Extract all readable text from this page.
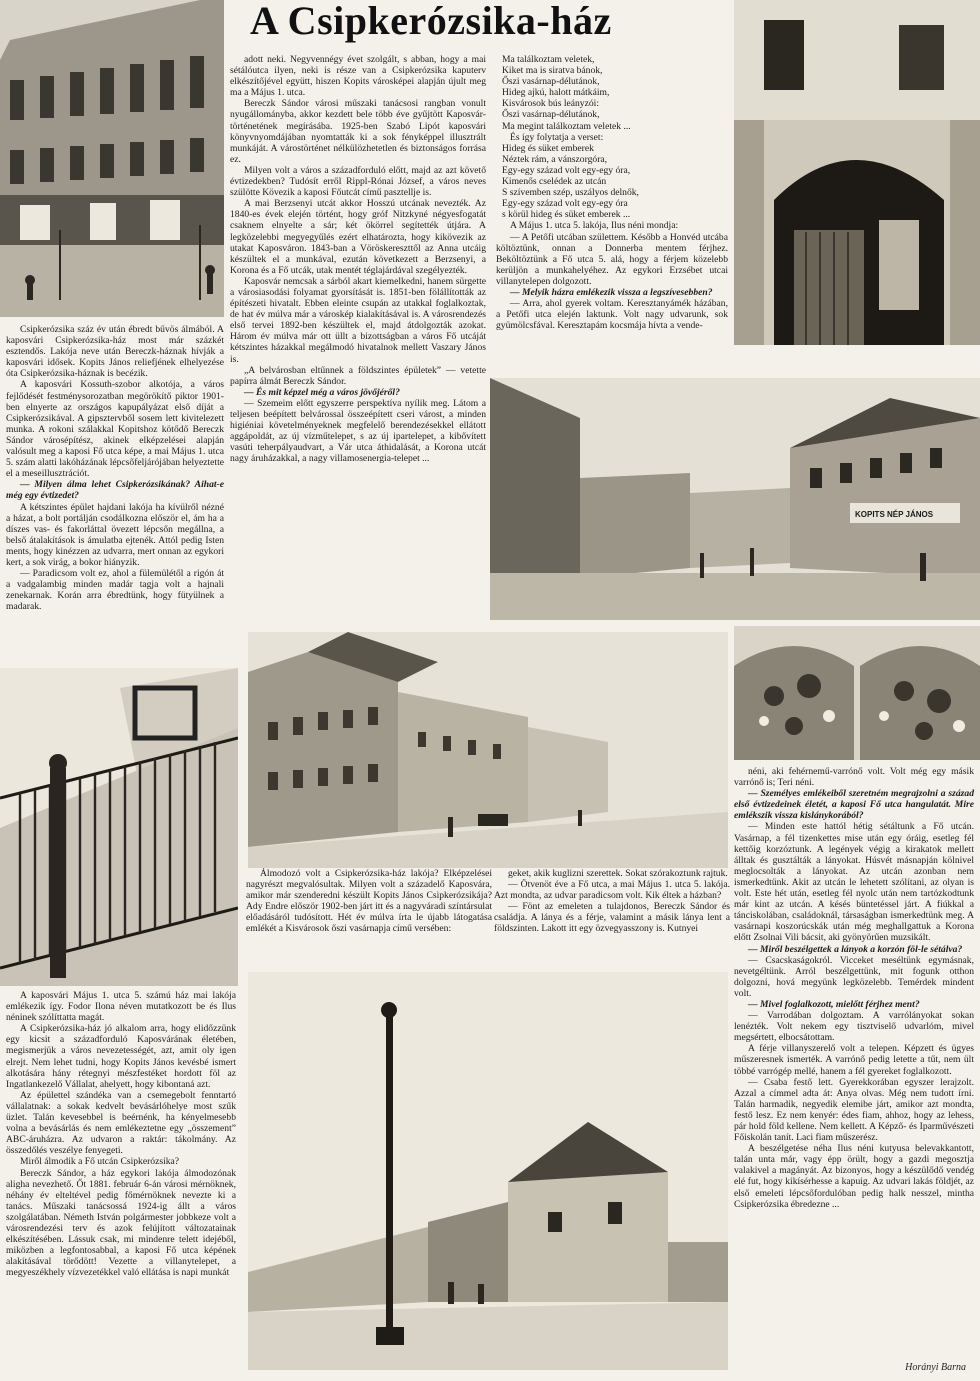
A Csipkerózsika-ház

Csipkerózsika száz év után ébredt bűvös álmából. A kaposvári Csipkerózsika-ház most már százkét esztendős. Lakója neve után Bereczk-háznak hívják a kaposvári idősek. Kopits János reliefjének elhelyezése óta Csipkerózsika-háznak is becézik.

A kaposvári Kossuth-szobor alkotója, a város fejlődését festménysorozatban megörökítő piktor 1901-ben elnyerte az országos kapupályázat első díját a Csipkerózsikával. A gipsztervből sosem lett kivitelezett munka. A rokoni szálakkal Kopitshoz kötődő Bereczk Sándor városépítész, akinek elképzelései alapján valósult meg a kaposi Fő utca képe, a mai Május 1. utca 5. szám alatti lakóházának lépcsőfeljárójában helyeztette el a meseillusztrációt.

— Milyen álma lehet Csipkerózsikának? Aihat-e még egy évtizedet?

A kétszintes épület hajdani lakója ha kívülről nézné a házat, a bolt portálján csodálkozna először el, ám ha a díszes vas- és fakorláttal övezett lépcsőn megállna, a belső átalakítások is ámulatba ejtenék. Attól pedig Isten ments, hogy kinézzen az udvarra, mert onnan az egykori kert, a sok virág, a bokor hiányzik.

— Paradicsom volt ez, ahol a fülemülétől a rigón át a vadgalambig minden madár tagja volt a hajnali zenekarnak. Korán arra ébredtünk, hogy fütyülnek a madarak.

A kaposvári Május 1. utca 5. számú ház mai lakója emlékezik így. Fodor Ilona néven mutatkozott be és Ilus néninek szólíttatta magát.

A Csipkerózsika-ház jó alkalom arra, hogy elidőzzünk egy kicsit a századforduló Kaposvárának életében, megismerjük a város nevezetességét, azt, amit oly igen elrejt. Nem lehet tudni, hogy Kopits János kevésbé ismert alkotására hány rétegnyi mészfestéket hordott föl az Ingatlankezelő Vállalat, ahelyett, hogy kibontaná azt.

Az épülettel szándéka van a csemegebolt fenntartó vállalatnak: a sokak kedvelt bevásárlóhelye most szűk üzlet. Talán kevesebbel is beérnénk, ha kényelmesebb volna a bevásárlás és nem emlékeztetne egy „összement” ABC-áruházra. Az udvaron a raktár: tákolmány. Az összedőlés veszélye fenyegeti.

Miről álmodik a Fő utcán Csipkerózsika?

Bereczk Sándor, a ház egykori lakója álmodozónak aligha nevezhető. Őt 1881. február 6-án városi mérnöknek, néhány év elteltével pedig főmérnöknek nevezte ki a tanács. Műszaki tanácsossá 1924-ig állt a város szolgálatában. Németh István polgármester jobbkeze volt a városrendezési terv és azok felújított változatainak elkészítésében. Lássuk csak, mi mindenre telett idejéből, miközben a legfontosabbal, a kaposi Fő utca képének alakításával törődött! Vezette a villanytelepet, a megyeszékhely vízvezetékkel való ellátása is napi munkát

adott neki. Negyvennégy évet szolgált, s abban, hogy a mai sétálóutca ilyen, neki is része van a Csipkerózsika kaputerv elkészítőjével együtt, hiszen Kopits városképei alapján újult meg ma a Május 1. utca.

Bereczk Sándor városi műszaki tanácsosi rangban vonult nyugállományba, akkor kezdett bele több éve gyűjtött Kaposvár-történetének megírásába. 1925-ben Szabó Lipót kaposvári könyvnyomdájában nyomtatták ki a sok fényképpel illusztrált munkáját. A várostörténet nélkülözhetetlen és biztonságos forrása ez.

Milyen volt a város a századforduló előtt, majd az azt követő évtizedekben? Tudósít erről Rippl-Rónai József, a város neves szülötte Kövezik a kaposi Főutcát című pasztellje is.

A mai Berzsenyi utcát akkor Hosszú utcának nevezték. Az 1840-es évek elején történt, hogy gróf Nitzkyné négyesfogatát csaknem elnyelte a sár; két ökörrel segítették útjára. A legközelebbi megyegyűlés ezért elhatározta, hogy kikövezik az utakat Kaposváron. 1843-ban a Vöröskereszttől az Anna utcáig készültek el a munkával, ezután következett a Berzsenyi, a Korona és a Fő utcák, utak mentét téglajárdával szegélyezték.

Kaposvár nemcsak a sárból akart kiemelkedni, hanem sürgette a városiasodási folyamat gyorsítását is. 1851-ben fölállították az építészeti hivatalt. Ebben eleinte csupán az utakkal foglalkoztak, de hat év múlva már a városkép kialakításával is. A városrendezés első tervei 1892-ben készültek el, majd átdolgozták azokat. Három év múlva már ott üllt a bizottságban a város Fő utcáját kétszintes házakkal megálmodó hivatalnok mellett Vaszary János is.

„A belvárosban eltűnnek a földszintes épületek” — vetette papírra álmát Bereczk Sándor.

— És mit képzel még a város jövőjéről?

— Szemeim előtt egyszerre perspektíva nyílik meg. Látom a teljesen beépített belvárossal összeépített cseri várost, a minden higiéniai követelményeknek megfelelő berendezésekkel ellátott aggápoldát, az új vízműtelepet, s az új ipartelepet, a kibővített vasúti teherpályaudvart, a Vár utca áthidalását, a Korona utcát nagy áruházakkal, a nagy villamosenergia-telepet ...

Ma találkoztam veletek,
Kiket ma is siratva bánok,
Őszi vasárnap-délutánok,
Hideg ajkú, halott mátkáim,
Kisvárosok bús leányzói:
Őszi vasárnap-délutánok,
Ma megint találkoztam veletek ...

És így folytatja a verset:

Hideg és süket emberek
Néztek rám, a vánszorgóra,
Egy-egy század volt egy-egy óra,
Kimenős cselédek az utcán
S szívemben szép, uszályos delnők,
Egy-egy század volt egy-egy óra
s körül hideg és süket emberek ...

A Május 1. utca 5. lakója, Ilus néni mondja:

— A Petőfi utcában születtem. Később a Honvéd utcába költöztünk, onnan a Donnerba mentem férjhez. Beköltöztünk a Fő utca 5. alá, hogy a férjem közelebb kerüljön a munkahelyéhez. Az egykori Erzsébet utcai villanytelepen dolgozott.

— Melyik házra emlékezik vissza a legszívesebben?

— Arra, ahol gyerek voltam. Keresztanyámék házában, a Petőfi utca elején laktunk. Volt nagy udvarunk, sok gyümölcsfával. Keresztapám kocsmája hívta a vende-

KOPITS NÉP JÁNOS

Álmodozó volt a Csipkerózsika-ház lakója? Elképzelései nagyrészt megvalósultak. Milyen volt a századelő Kaposvára, amikor már szenderedni készült Kopits János Csipkerózsikája? Ady Endre először 1902-ben járt itt és a nagyváradi színtársulat előadásáról tudósított. Hét év múlva írta le újabb látogatása emlékét a Kisvárosok őszi vasárnapja című versében:

geket, akik kuglizni szerettek. Sokat szórakoztunk rajtuk.

— Ötvenöt éve a Fő utca, a mai Május 1. utca 5. lakója. Azt mondta, az udvar paradicsom volt. Kik éltek a házban?

— Fönt az emeleten a tulajdonos, Bereczk Sándor és családja. A lánya és a férje, valamint a másik lánya lent a földszinten. Lakott itt egy özvegyasszony is. Kutnyei

néni, aki fehérnemű-varrónő volt. Volt még egy másik varrónő is; Teri néni.

— Személyes emlékeiből szeretném megrajzolni a század első évtizedeinek életét, a kaposi Fő utca hangulatát. Mire emlékszik vissza kislánykorából?

— Minden este hattól hétig sétáltunk a Fő utcán. Vasárnap, a fél tizenkettes mise után egy óráig, esetleg fél kettőig korzóztunk. A legények végig a kirakatok mellett álltak és gusztálták a lányokat. Húsvét másnapján kölnivel meglocsolták a lányokat. Az utcán azonban nem ismerkedtünk. Akit az utcán le lehetett szólítani, az olyan is volt. Este hét után, esetleg fél nyolc után nem tartózkodtunk már kint az utcán. A késés büntetéssel járt. A fiúkkal a tánciskolában, családoknál, társaságban ismerkedtünk meg. A vasárnapi koszorúcskák után még meghallgattuk a Korona előtt Zsolnai Vili bácsit, aki gyönyörűen muzsikált.

— Miről beszélgettek a lányok a korzón föl-le sétálva?

— Csacskaságokról. Vicceket meséltünk egymásnak, nevetgéltünk. Arról beszélgettünk, mit fogunk otthon dolgozni, hová megyünk legközelebb. Temérdek mindent volt.

— Mivel foglalkozott, mielőtt férjhez ment?

— Varrodában dolgoztam. A varrólányokat sokan lenézték. Volt nekem egy tisztviselő udvarlóm, mivel megsértett, elbocsátottam.

A férje villanyszerelő volt a telepen. Képzett és ügyes műszeresnek ismerték. A varrónő pedig letette a tűt, nem ült többé varrógép mellé, hanem a fél gyereket foglalkozott.

— Csaba festő lett. Gyerekkorában egyszer lerajzolt. Azzal a címmel adta át: Anya olvas. Még nem tudott írni. Talán harmadik, negyedik elemibe járt, amikor azt mondta, festő lesz. Ez nem kenyér: édes fiam, ahhoz, hogy az lehess, pár hold föld kellene. Nem kellett. A Képző- és Iparművészeti Főiskolán tanít. Laci fiam műszerész.

A beszélgetése néha Ilus néni kutyusa belevakkantott, talán unta már, vagy épp örült, hogy a gazdi megosztja valakivel a magányát. Az bizonyos, hogy a készülődő vendég elé fut, hogy kikísérhesse a kapuig. Az udvari lakás földjét, az első emeleti lépcsőfordulóban pedig halk nesszel, mintha Csipkerózsika ébredezne ...

Horányi Barna
